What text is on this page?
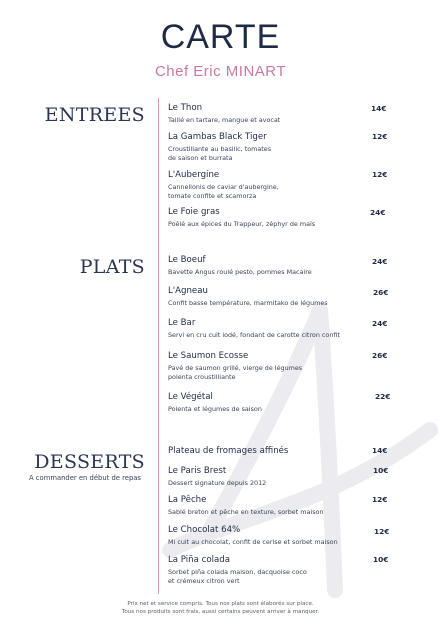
CARTE
Chef Eric MINART
ENTREES	Le Thon
Taillé en tartare, mangue et avocat
14€
La Gambas Black Tiger
Croustillante au basilic, tomates
de saison et burrata
12€
L'Aubergine
Cannellonis de caviar d'aubergine,
tomate confite et scamorza
12€
Le Foie gras
Poêlé aux épices du Trappeur, zéphyr de maïs
24€
PLATS	Le Boeuf
Bavette Angus roulé pesto, pommes Macaire
24€
L'Agneau
Confit basse température, marmitako de légumes
26€
Le Bar
Servi en cru cuit iodé, fondant de carotte citron confit
24€
Le Saumon Ecosse
Pavé de saumon grillé, vierge de légumes
polenta croustilliante
26€
Le Végétal
Polenta et légumes de saison
22€
DESSERTS
A commander en début de repas
Plateau de fromages affinés	14€
Le Paris Brest
Dessert signature depuis 2012
10€
La Pêche
Sablé breton et pêche en texture, sorbet maison
12€
Le Chocolat 64%
Mi cuit au chocolat, confit de cerise et sorbet maison
12€
La Piña colada
Sorbet piña colada maison, dacquoise coco
et crémeux citron vert
10€
Prix net et service compris. Tous nos plats sont élaborés sur place.
Tous nos produits sont frais, aussi certains peuvent arriver à manquer.
